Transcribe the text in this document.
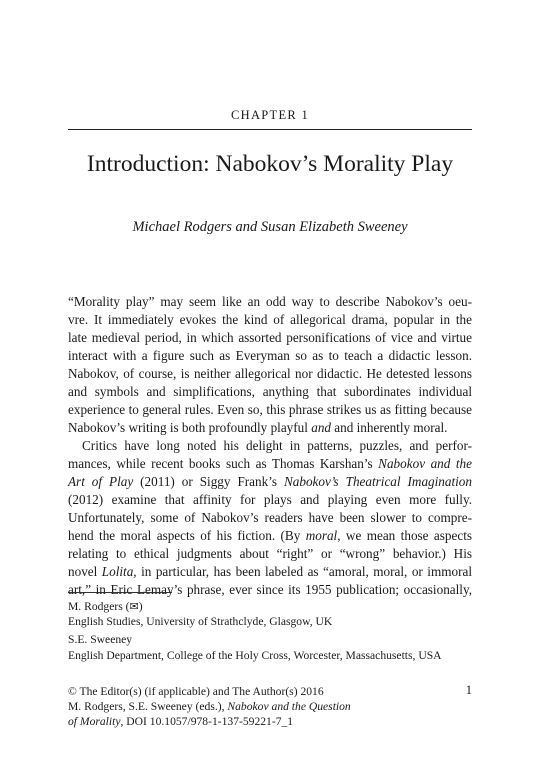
CHAPTER 1
Introduction: Nabokov’s Morality Play
Michael Rodgers and Susan Elizabeth Sweeney
“Morality play” may seem like an odd way to describe Nabokov’s oeu-
vre. It immediately evokes the kind of allegorical drama, popular in the
late medieval period, in which assorted personifications of vice and virtue
interact with a figure such as Everyman so as to teach a didactic lesson.
Nabokov, of course, is neither allegorical nor didactic. He detested lessons
and symbols and simplifications, anything that subordinates individual
experience to general rules. Even so, this phrase strikes us as fitting because
Nabokov’s writing is both profoundly playful and and inherently moral.
Critics have long noted his delight in patterns, puzzles, and perfor-
mances, while recent books such as Thomas Karshan’s Nabokov and the
Art of Play (2011) or Siggy Frank’s Nabokov’s Theatrical Imagination
(2012) examine that affinity for plays and playing even more fully.
Unfortunately, some of Nabokov’s readers have been slower to compre-
hend the moral aspects of his fiction. (By moral, we mean those aspects
relating to ethical judgments about “right” or “wrong” behavior.) His
novel Lolita, in particular, has been labeled as “amoral, moral, or immoral
art,” in Eric Lemay’s phrase, ever since its 1955 publication; occasionally,
M. Rodgers (✉)
English Studies, University of Strathclyde, Glasgow, UK
S.E. Sweeney
English Department, College of the Holy Cross, Worcester, Massachusetts, USA
© The Editor(s) (if applicable) and The Author(s) 2016
M. Rodgers, S.E. Sweeney (eds.), Nabokov and the Question
of Morality, DOI 10.1057/978-1-137-59221-7_1
1
